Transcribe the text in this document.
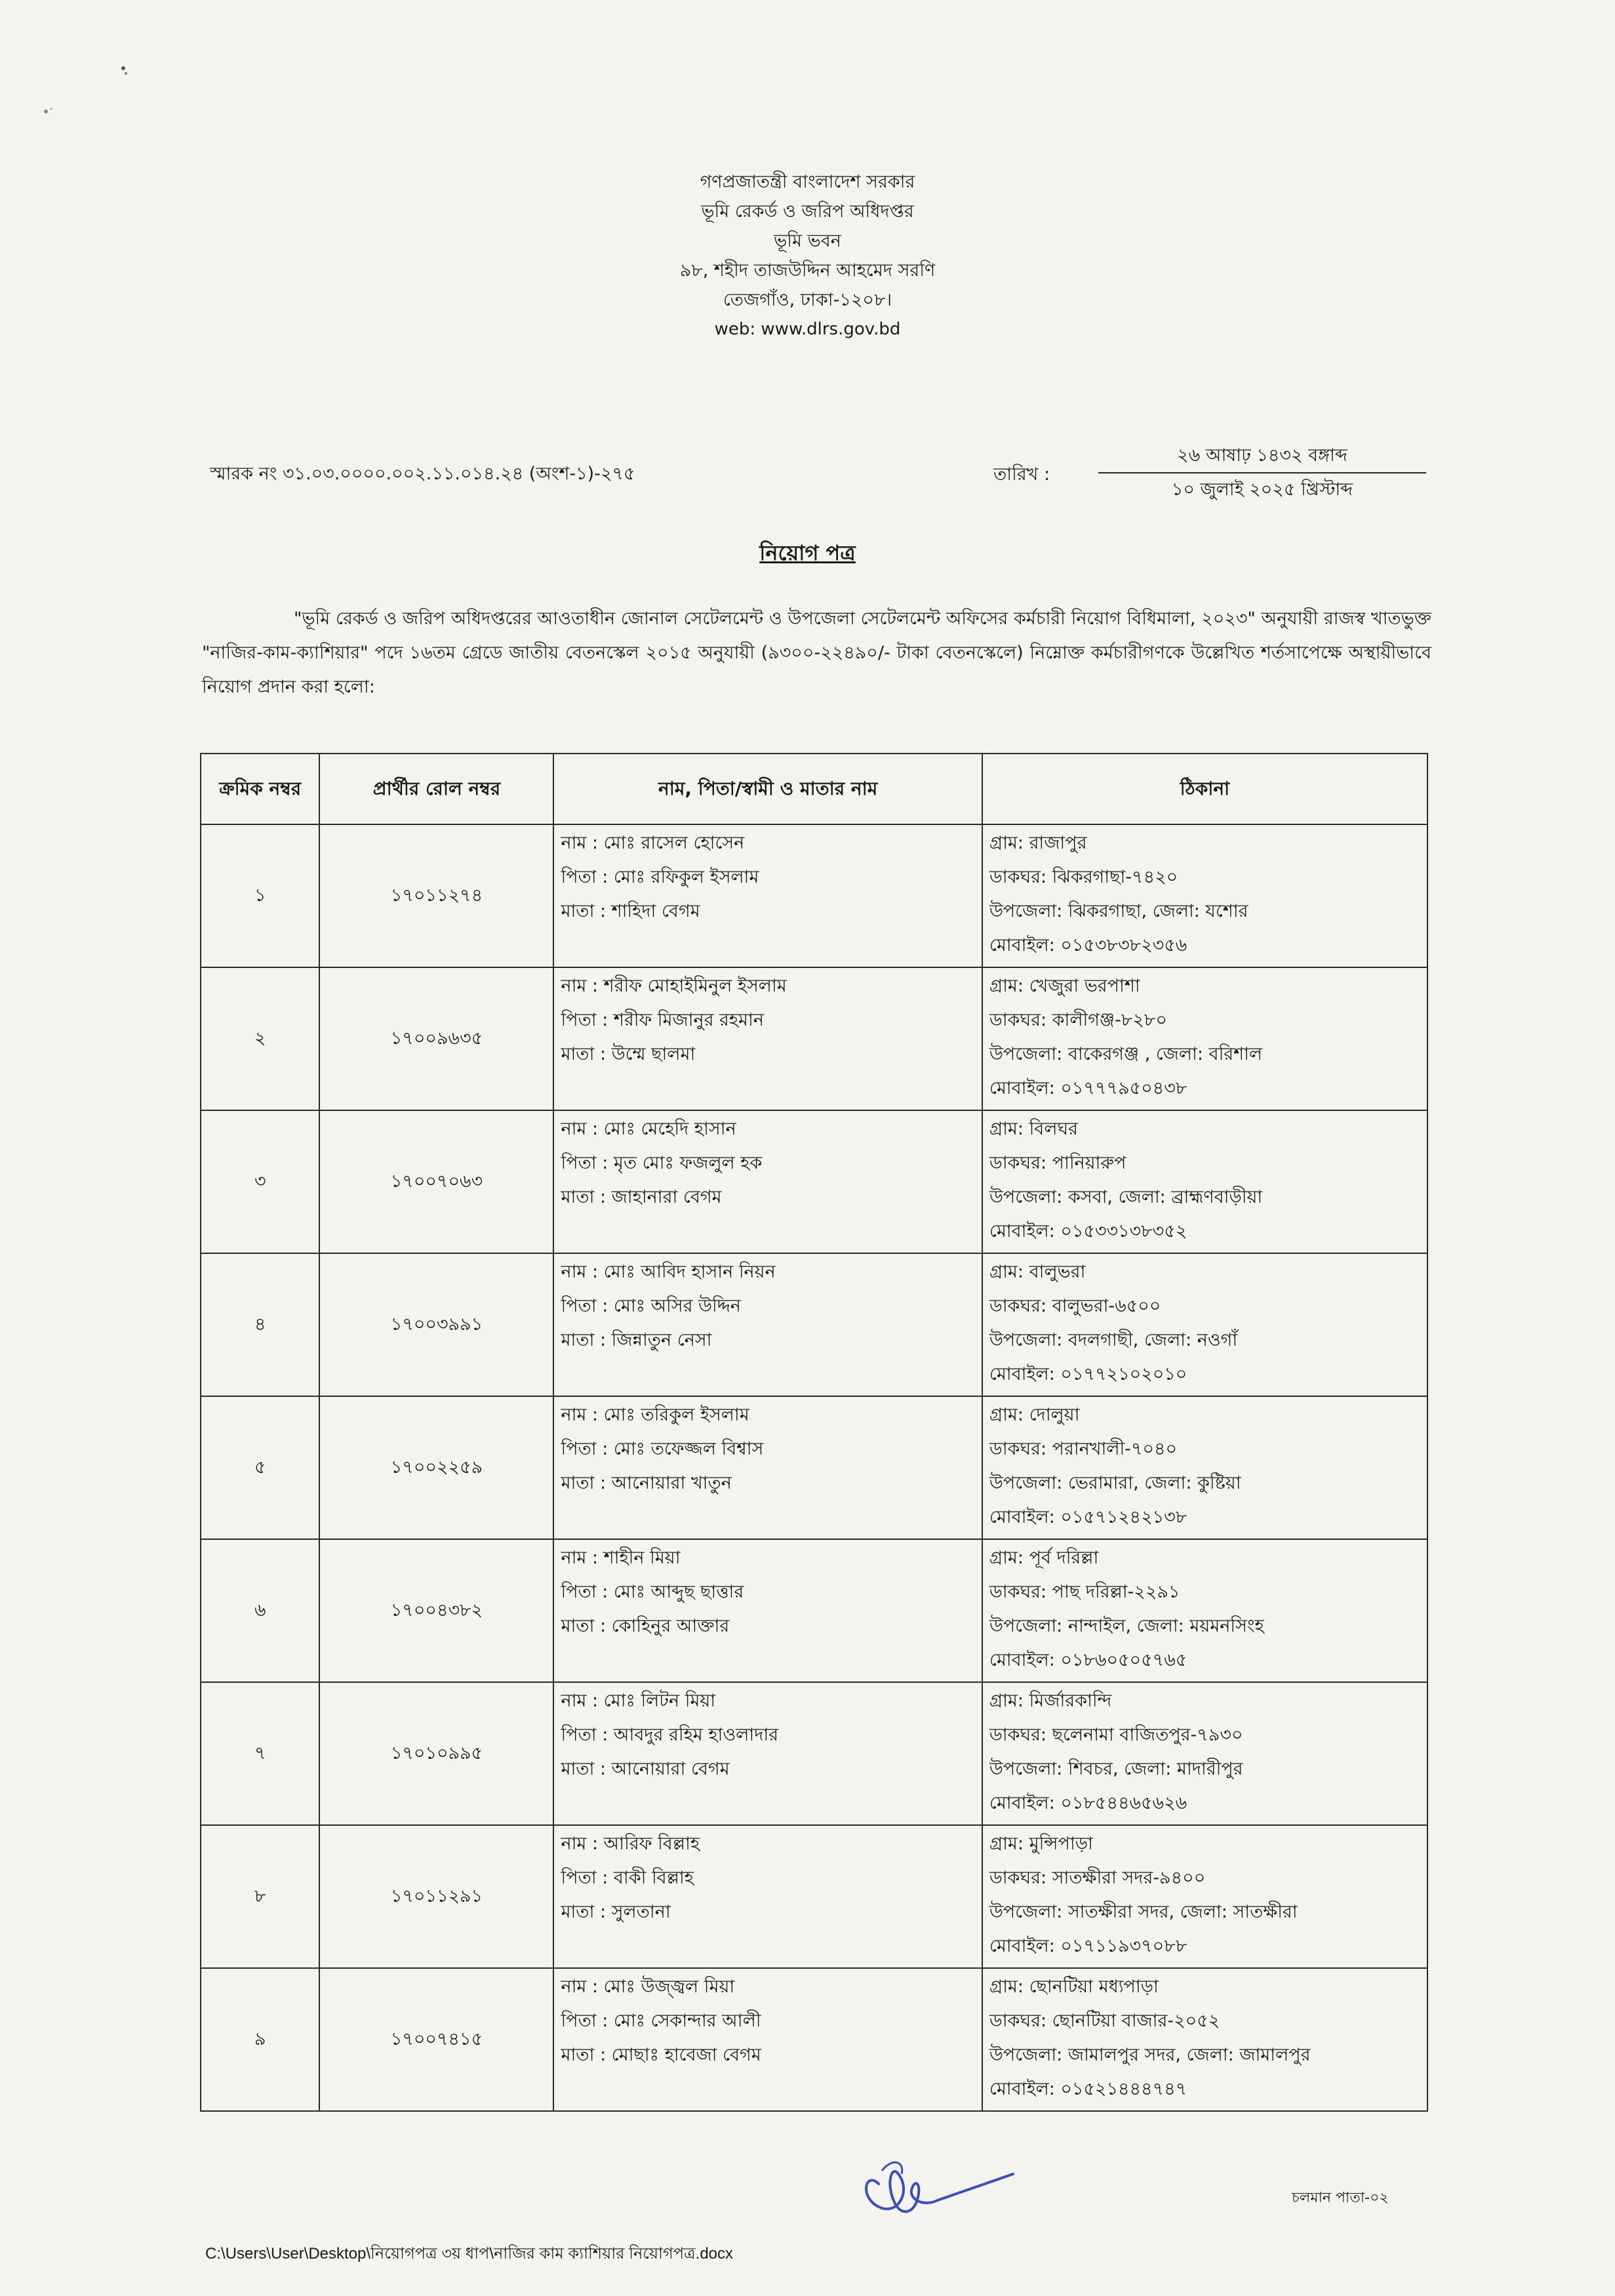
গণপ্রজাতন্ত্রী বাংলাদেশ সরকার
ভূমি রেকর্ড ও জরিপ অধিদপ্তর
ভূমি ভবন
৯৮, শহীদ তাজউদ্দিন আহমেদ সরণি
তেজগাঁও, ঢাকা-১২০৮।
web: www.dlrs.gov.bd
স্মারক নং ৩১.০৩.০০০০.০০২.১১.০১৪.২৪ (অংশ-১)-২৭৫	তারিখ :
২৬ আষাঢ় ১৪৩২ বঙ্গাব্দ
১০ জুলাই ২০২৫ খ্রিস্টাব্দ
নিয়োগ পত্র
"ভূমি রেকর্ড ও জরিপ অধিদপ্তরের আওতাধীন জোনাল সেটেলমেন্ট ও উপজেলা সেটেলমেন্ট অফিসের কর্মচারী নিয়োগ বিধিমালা, ২০২৩" অনুযায়ী রাজস্ব খাতভুক্ত "নাজির-কাম-ক্যাশিয়ার" পদে ১৬তম গ্রেডে জাতীয় বেতনস্কেল ২০১৫ অনুযায়ী (৯৩০০-২২৪৯০/- টাকা বেতনস্কেলে) নিম্নোক্ত কর্মচারীগণকে উল্লেখিত শর্তসাপেক্ষে অস্থায়ীভাবে নিয়োগ প্রদান করা হলো:
ক্রমিক নম্বর	প্রার্থীর রোল নম্বর	নাম, পিতা/স্বামী ও মাতার নাম	ঠিকানা
১	১৭০১১২৭৪	নাম : মোঃ রাসেল হোসেন
পিতা : মোঃ রফিকুল ইসলাম
মাতা : শাহিদা বেগম	গ্রাম: রাজাপুর
ডাকঘর: ঝিকরগাছা-৭৪২০
উপজেলা: ঝিকরগাছা, জেলা: যশোর
মোবাইল: ০১৫৩৮৩৮২৩৫৬

২	১৭০০৯৬৩৫	নাম : শরীফ মোহাইমিনুল ইসলাম
পিতা : শরীফ মিজানুর রহমান
মাতা : উম্মে ছালমা	গ্রাম: খেজুরা ভরপাশা
ডাকঘর: কালীগঞ্জ-৮২৮০
উপজেলা: বাকেরগঞ্জ , জেলা: বরিশাল
মোবাইল: ০১৭৭৭৯৫০৪৩৮

৩	১৭০০৭০৬৩	নাম : মোঃ মেহেদি হাসান
পিতা : মৃত মোঃ ফজলুল হক
মাতা : জাহানারা বেগম	গ্রাম: বিলঘর
ডাকঘর: পানিয়ারুপ
উপজেলা: কসবা, জেলা: ব্রাহ্মণবাড়ীয়া
মোবাইল: ০১৫৩৩১৩৮৩৫২

৪	১৭০০৩৯৯১	নাম : মোঃ আবিদ হাসান নিয়ন
পিতা : মোঃ অসির উদ্দিন
মাতা : জিন্নাতুন নেসা	গ্রাম: বালুভরা
ডাকঘর: বালুভরা-৬৫০০
উপজেলা: বদলগাছী, জেলা: নওগাঁ
মোবাইল: ০১৭৭২১০২০১০

৫	১৭০০২২৫৯	নাম : মোঃ তরিকুল ইসলাম
পিতা : মোঃ তফেজ্জল বিশ্বাস
মাতা : আনোয়ারা খাতুন	গ্রাম: দোলুয়া
ডাকঘর: পরানখালী-৭০৪০
উপজেলা: ভেরামারা, জেলা: কুষ্টিয়া
মোবাইল: ০১৫৭১২৪২১৩৮

৬	১৭০০৪৩৮২	নাম : শাহীন মিয়া
পিতা : মোঃ আব্দুছ ছাত্তার
মাতা : কোহিনুর আক্তার	গ্রাম: পূর্ব দরিল্লা
ডাকঘর: পাছ দরিল্লা-২২৯১
উপজেলা: নান্দাইল, জেলা: ময়মনসিংহ
মোবাইল: ০১৮৬০৫০৫৭৬৫

৭	১৭০১০৯৯৫	নাম : মোঃ লিটন মিয়া
পিতা : আবদুর রহিম হাওলাদার
মাতা : আনোয়ারা বেগম	গ্রাম: মির্জারকান্দি
ডাকঘর: ছলেনামা বাজিতপুর-৭৯৩০
উপজেলা: শিবচর, জেলা: মাদারীপুর
মোবাইল: ০১৮৫৪৪৬৫৬২৬

৮	১৭০১১২৯১	নাম : আরিফ বিল্লাহ
পিতা : বাকী বিল্লাহ
মাতা : সুলতানা	গ্রাম: মুন্সিপাড়া
ডাকঘর: সাতক্ষীরা সদর-৯৪০০
উপজেলা: সাতক্ষীরা সদর, জেলা: সাতক্ষীরা
মোবাইল: ০১৭১১৯৩৭০৮৮

৯	১৭০০৭৪১৫	নাম : মোঃ উজ্জ্বল মিয়া
পিতা : মোঃ সেকান্দার আলী
মাতা : মোছাঃ হাবেজা বেগম	গ্রাম: ছোনটিয়া মধ্যপাড়া
ডাকঘর: ছোনটিয়া বাজার-২০৫২
উপজেলা: জামালপুর সদর, জেলা: জামালপুর
মোবাইল: ০১৫২১৪৪৪৭৪৭
চলমান পাতা-০২
C:\Users\User\Desktop\নিয়োগপত্র ৩য় ধাপ\নাজির কাম ক্যাশিয়ার নিয়োগপত্র.docx
